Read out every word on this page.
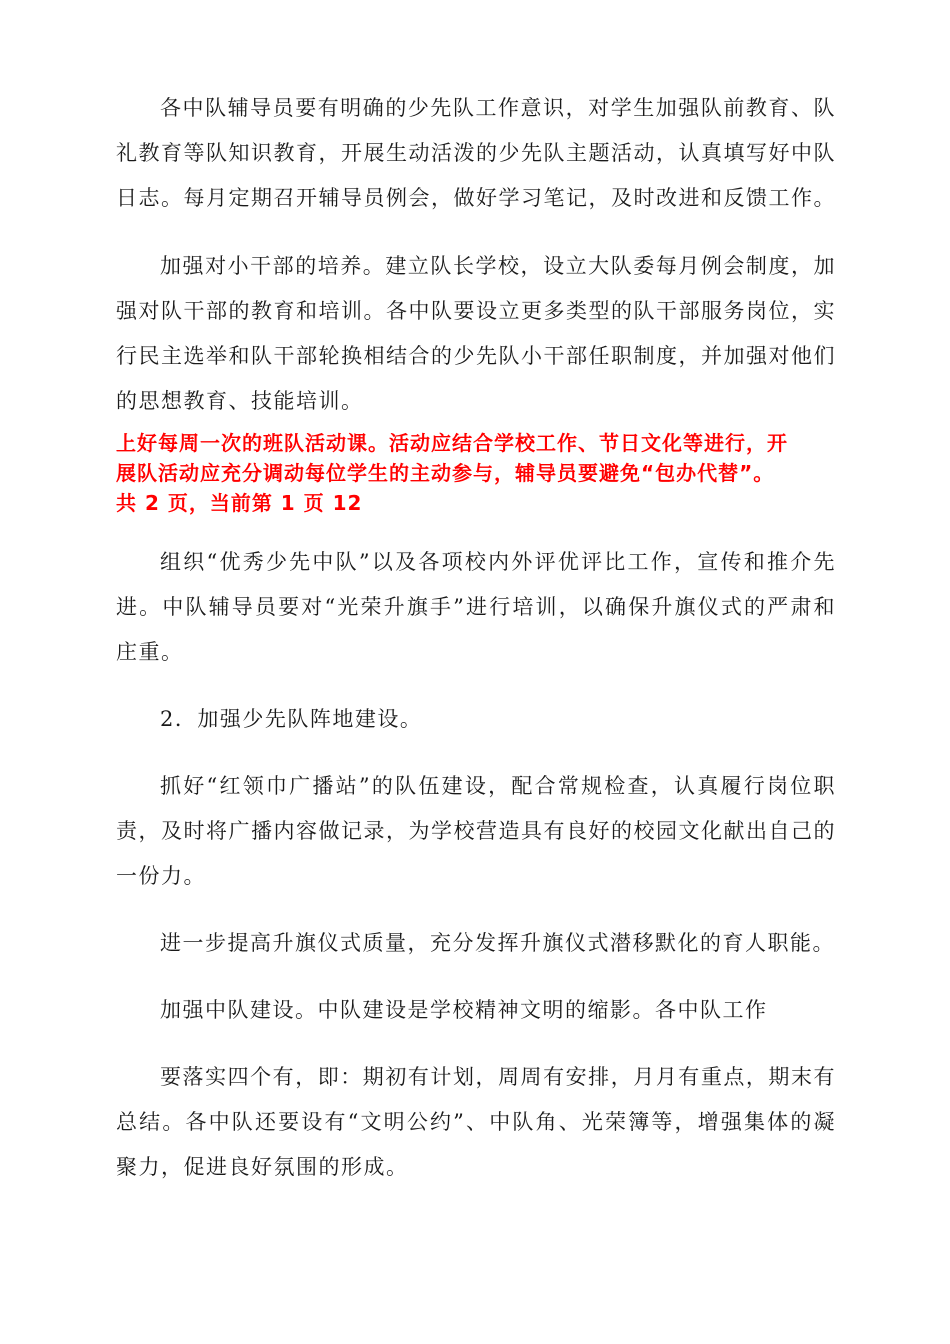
各中队辅导员要有明确的少先队工作意识，对学生加强队前教育、队礼教育等队知识教育，开展生动活泼的少先队主题活动，认真填写好中队日志。每月定期召开辅导员例会，做好学习笔记，及时改进和反馈工作。

加强对小干部的培养。建立队长学校，设立大队委每月例会制度，加强对队干部的教育和培训。各中队要设立更多类型的队干部服务岗位，实行民主选举和队干部轮换相结合的少先队小干部任职制度，并加强对他们的思想教育、技能培训。

上好每周一次的班队活动课。活动应结合学校工作、节日文化等进行，开

展队活动应充分调动每位学生的主动参与，辅导员要避免“包办代替”。

共 2 页，当前第 1 页 12

组织“优秀少先中队”以及各项校内外评优评比工作，宣传和推介先进。中队辅导员要对“光荣升旗手”进行培训，以确保升旗仪式的严肃和庄重。

2．加强少先队阵地建设。

抓好“红领巾广播站”的队伍建设，配合常规检查，认真履行岗位职责，及时将广播内容做记录，为学校营造具有良好的校园文化献出自己的一份力。

进一步提高升旗仪式质量，充分发挥升旗仪式潜移默化的育人职能。

加强中队建设。中队建设是学校精神文明的缩影。各中队工作

要落实四个有，即：期初有计划，周周有安排，月月有重点，期末有总结。各中队还要设有“文明公约”、中队角、光荣簿等，增强集体的凝聚力，促进良好氛围的形成。
